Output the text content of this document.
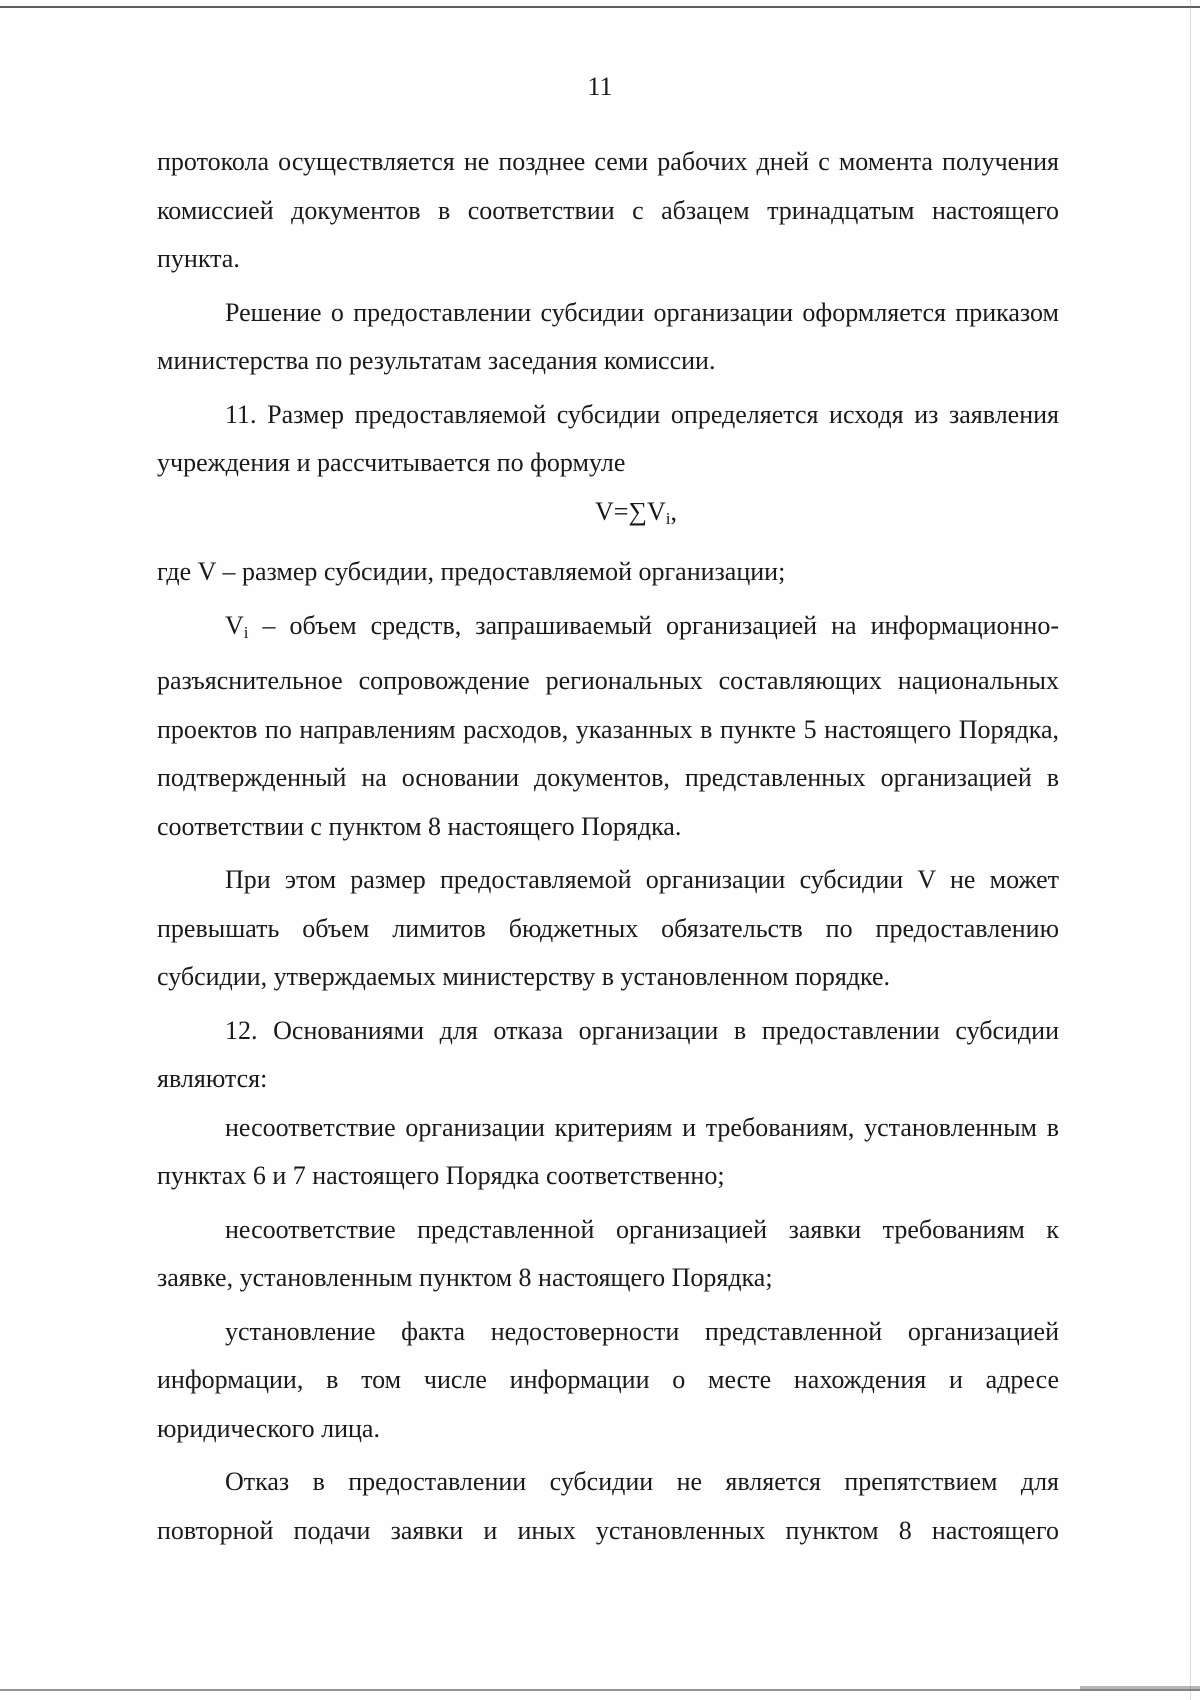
11

протокола осуществляется не позднее семи рабочих дней с момента получения комиссией документов в соответствии с абзацем тринадцатым настоящего пункта.

Решение о предоставлении субсидии организации оформляется приказом министерства по результатам заседания комиссии.

11. Размер предоставляемой субсидии определяется исходя из заявления учреждения и рассчитывается по формуле

$V=\sum V_i$,

где V – размер субсидии, предоставляемой организации;

$V_i$ – объем средств, запрашиваемый организацией на информационно-разъяснительное сопровождение региональных составляющих национальных проектов по направлениям расходов, указанных в пункте 5 настоящего Порядка, подтвержденный на основании документов, представленных организацией в соответствии с пунктом 8 настоящего Порядка.

При этом размер предоставляемой организации субсидии V не может превышать объем лимитов бюджетных обязательств по предоставлению субсидии, утверждаемых министерству в установленном порядке.

12. Основаниями для отказа организации в предоставлении субсидии являются:

несоответствие организации критериям и требованиям, установленным в пунктах 6 и 7 настоящего Порядка соответственно;

несоответствие представленной организацией заявки требованиям к заявке, установленным пунктом 8 настоящего Порядка;

установление факта недостоверности представленной организацией информации, в том числе информации о месте нахождения и адресе юридического лица.

Отказ в предоставлении субсидии не является препятствием для повторной подачи заявки и иных установленных пунктом 8 настоящего
